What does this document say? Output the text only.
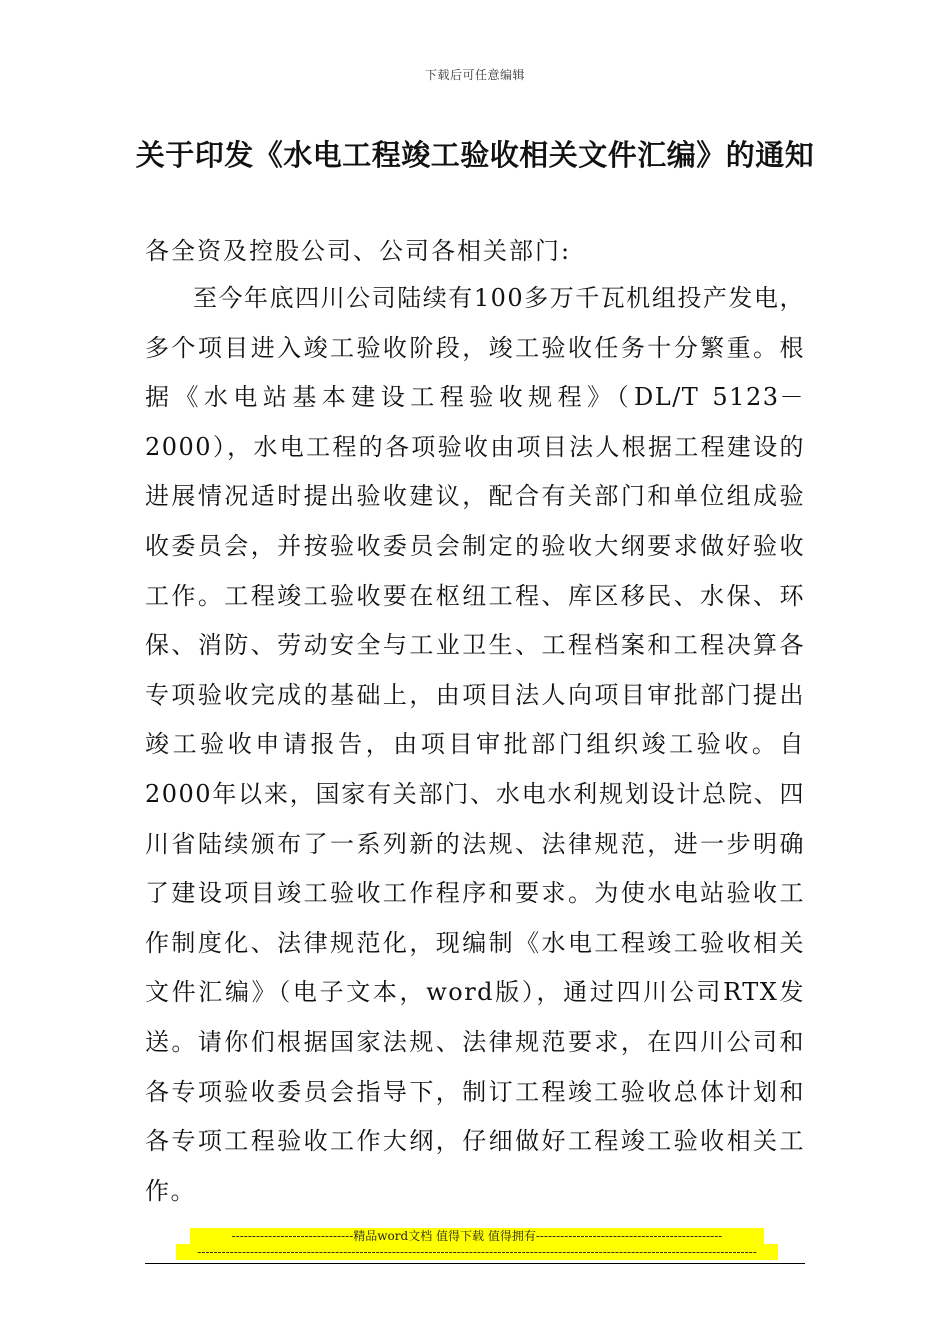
下载后可任意编辑
关于印发《水电工程竣工验收相关文件汇编》的通知
各全资及控股公司、公司各相关部门:

至今年底四川公司陆续有100多万千瓦机组投产发电，多个项目进入竣工验收阶段，竣工验收任务十分繁重。根据《水电站基本建设工程验收规程》（DL/T 5123－2000），水电工程的各项验收由项目法人根据工程建设的进展情况适时提出验收建议，配合有关部门和单位组成验收委员会，并按验收委员会制定的验收大纲要求做好验收工作。工程竣工验收要在枢纽工程、库区移民、水保、环保、消防、劳动安全与工业卫生、工程档案和工程决算各专项验收完成的基础上，由项目法人向项目审批部门提出竣工验收申请报告，由项目审批部门组织竣工验收。自2000年以来，国家有关部门、水电水利规划设计总院、四川省陆续颁布了一系列新的法规、法律规范，进一步明确了建设项目竣工验收工作程序和要求。为使水电站验收工作制度化、法律规范化，现编制《水电工程竣工验收相关文件汇编》（电子文本，word版），通过四川公司RTX发送。请你们根据国家法规、法律规范要求，在四川公司和各专项验收委员会指导下，制订工程竣工验收总体计划和各专项工程验收工作大纲，仔细做好工程竣工验收相关工作。

------------------------------精品word文档 值得下载 值得拥有----------------------------------------------
------------------------------------------------------------------------------------------------------------------------------------------
